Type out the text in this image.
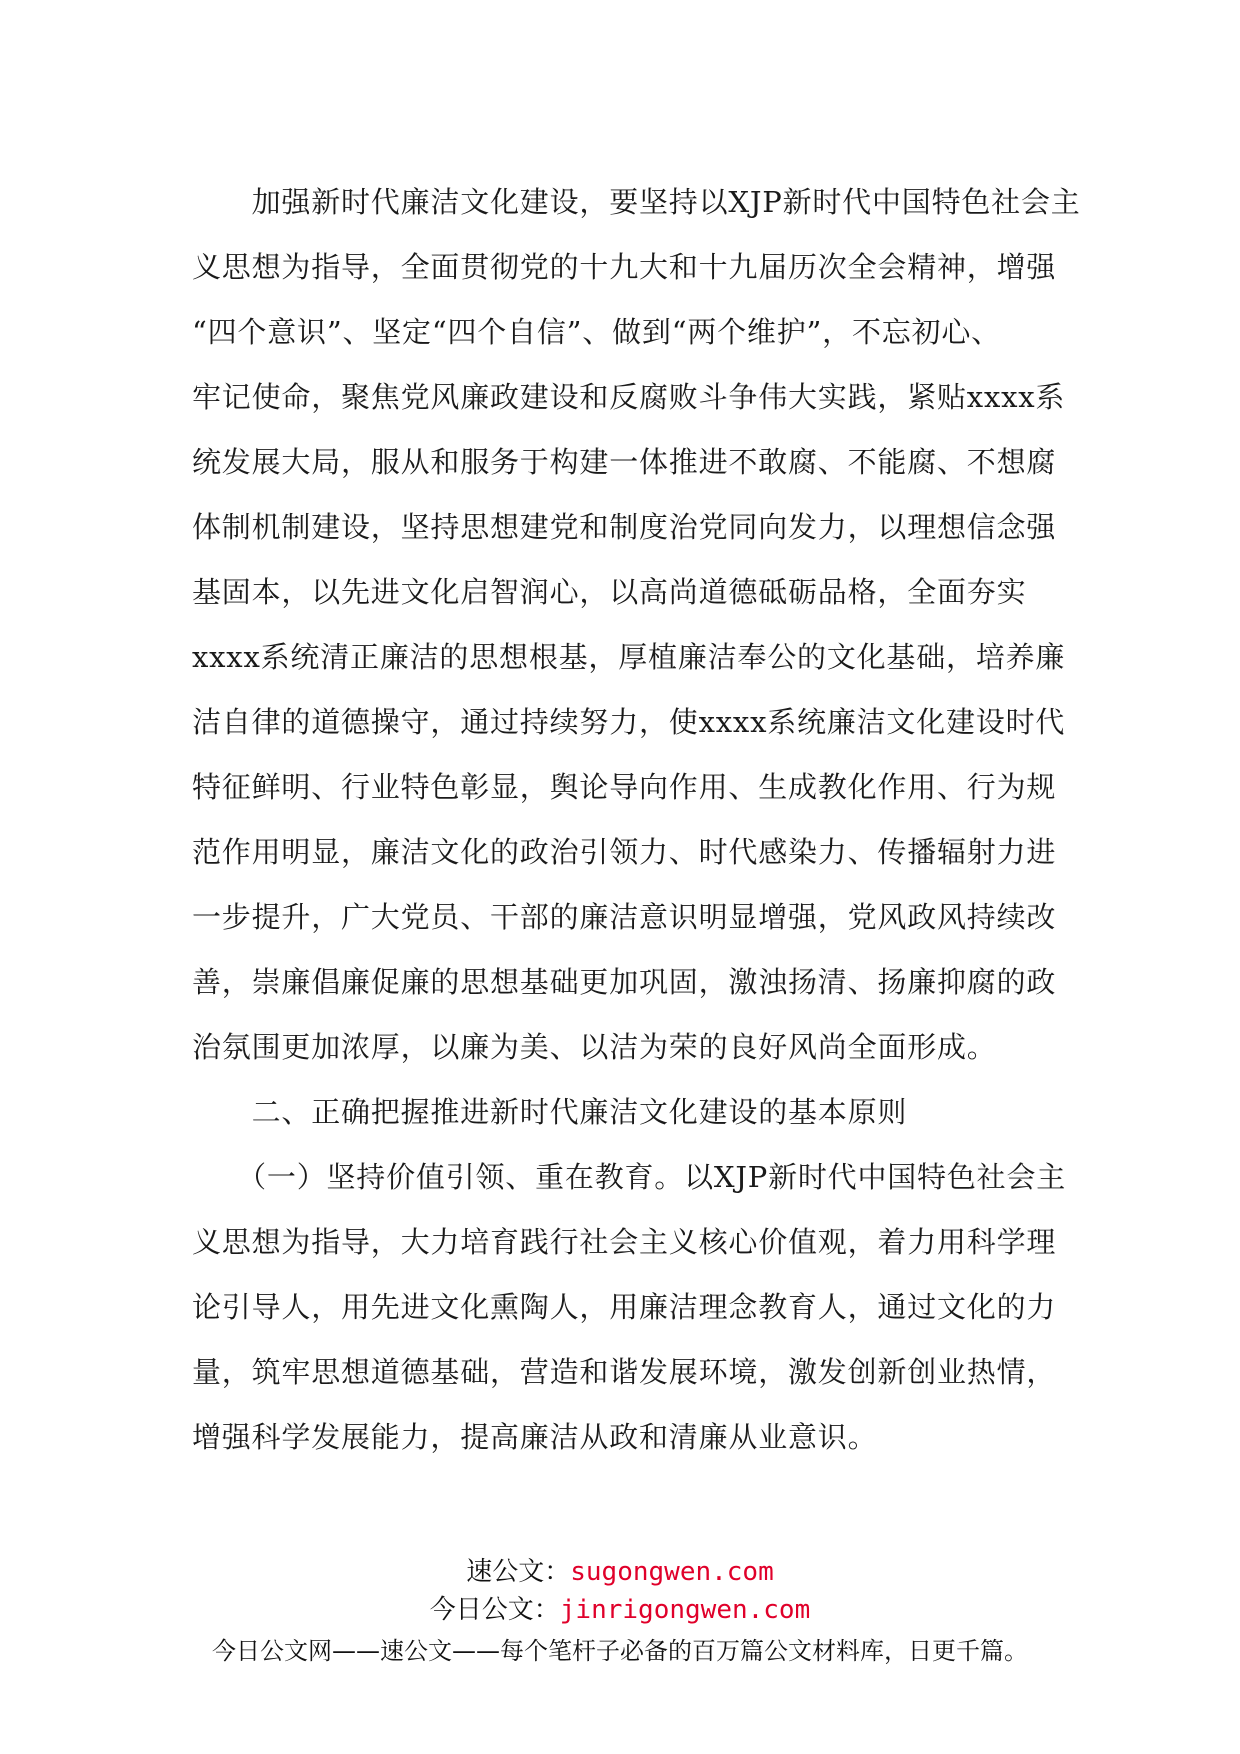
　　加强新时代廉洁文化建设，要坚持以XJP新时代中国特色社会主
义思想为指导，全面贯彻党的十九大和十九届历次全会精神，增强
“四个意识”、坚定“四个自信”、做到“两个维护”，不忘初心、
牢记使命，聚焦党风廉政建设和反腐败斗争伟大实践，紧贴xxxx系
统发展大局，服从和服务于构建一体推进不敢腐、不能腐、不想腐
体制机制建设，坚持思想建党和制度治党同向发力，以理想信念强
基固本，以先进文化启智润心，以高尚道德砥砺品格，全面夯实
xxxx系统清正廉洁的思想根基，厚植廉洁奉公的文化基础，培养廉
洁自律的道德操守，通过持续努力，使xxxx系统廉洁文化建设时代
特征鲜明、行业特色彰显，舆论导向作用、生成教化作用、行为规
范作用明显，廉洁文化的政治引领力、时代感染力、传播辐射力进
一步提升，广大党员、干部的廉洁意识明显增强，党风政风持续改
善，崇廉倡廉促廉的思想基础更加巩固，激浊扬清、扬廉抑腐的政
治氛围更加浓厚，以廉为美、以洁为荣的良好风尚全面形成。
　　二、正确把握推进新时代廉洁文化建设的基本原则
　　（一）坚持价值引领、重在教育。以XJP新时代中国特色社会主
义思想为指导，大力培育践行社会主义核心价值观，着力用科学理
论引导人，用先进文化熏陶人，用廉洁理念教育人，通过文化的力
量，筑牢思想道德基础，营造和谐发展环境，激发创新创业热情，
增强科学发展能力，提高廉洁从政和清廉从业意识。
速公文：sugongwen.com
今日公文：jinrigongwen.com
今日公文网——速公文——每个笔杆子必备的百万篇公文材料库，日更千篇。
